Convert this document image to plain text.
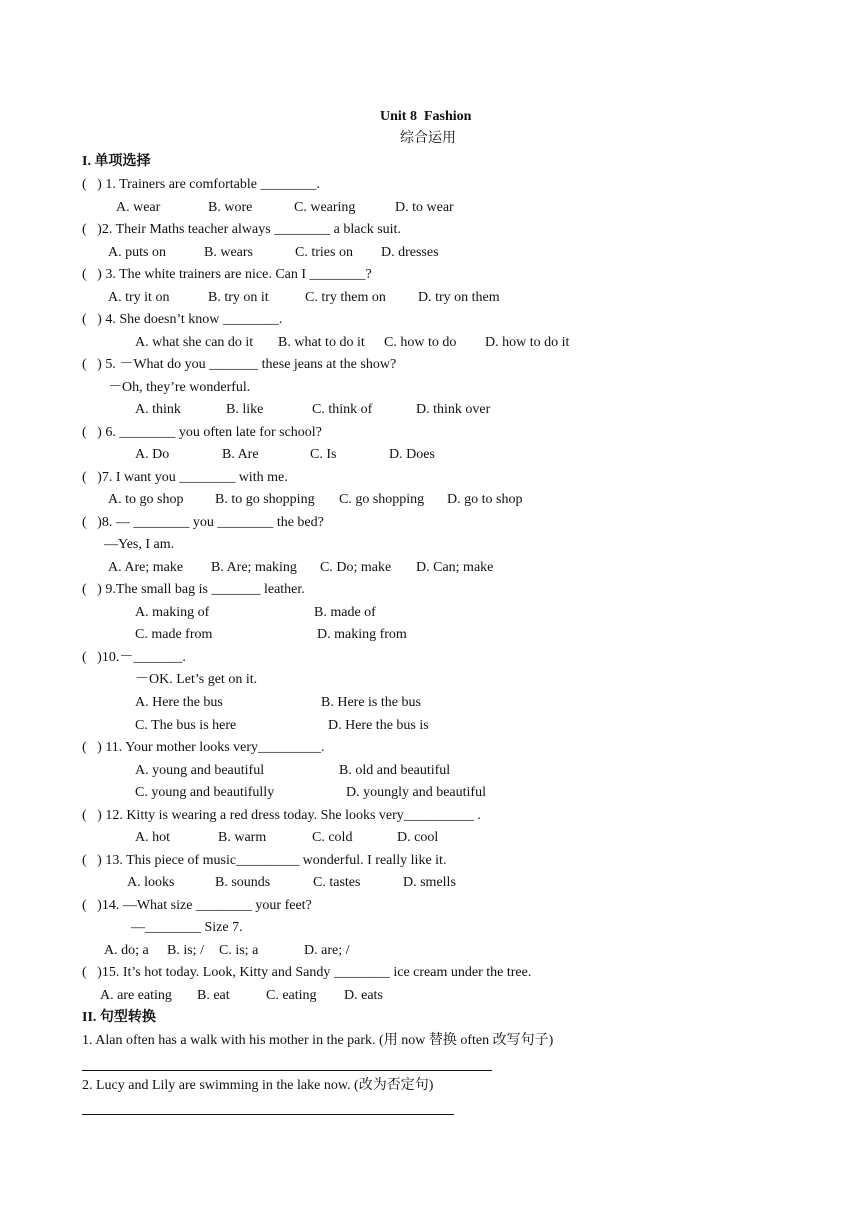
Unit 8  Fashion
综合运用
I. 单项选择
(   ) 1. Trainers are comfortable ________.
A. wear	B. wore	C. wearing	D. to wear
(   )2. Their Maths teacher always ________ a black suit.
A. puts on	B. wears	C. tries on D. dresses
(   ) 3. The white trainers are nice. Can I ________?
A. try it on	B. try on it	C. try them on D. try on them
(   ) 4. She doesn’t know ________.
A. what she can do it B. what to do it C. how to do D. how to do it
(   ) 5. －What do you _______ these jeans at the show?
－Oh, they’re wonderful.
A. think	B. like	C. think of	D. think over
(   ) 6. ________ you often late for school?
A. Do	B. Are	C. Is	D. Does
(   )7. I want you ________ with me.
A. to go shop B. to go shopping C. go shopping D. go to shop
(   )8. — ________ you ________ the bed?
—Yes, I am.
A. Are; make B. Are; making C. Do; make D. Can; make
(   ) 9.The small bag is _______ leather.
A. making of	B. made of
C. made from	D. making from
(   )10.－_______.
－OK. Let’s get on it.
A. Here the bus	B. Here is the bus
C. The bus is here	D. Here the bus is
(   ) 11. Your mother looks very_________.
A. young and beautiful	B. old and beautiful
C. young and beautifully	D. youngly and beautiful
(   ) 12. Kitty is wearing a red dress today. She looks very__________ .
A. hot	B. warm	C. cold	D. cool
(   ) 13. This piece of music_________ wonderful. I really like it.
A. looks	B. sounds	C. tastes	D. smells
(   )14. —What size ________ your feet?
—________ Size 7.
A. do; a B. is; / C. is; a	D. are; /
(   )15. It’s hot today. Look, Kitty and Sandy ________ ice cream under the tree.
A. are eating B. eat	C. eating D. eats
II. 句型转换
1. Alan often has a walk with his mother in the park. (用 now 替换 often 改写句子)
2. Lucy and Lily are swimming in the lake now. (改为否定句)
